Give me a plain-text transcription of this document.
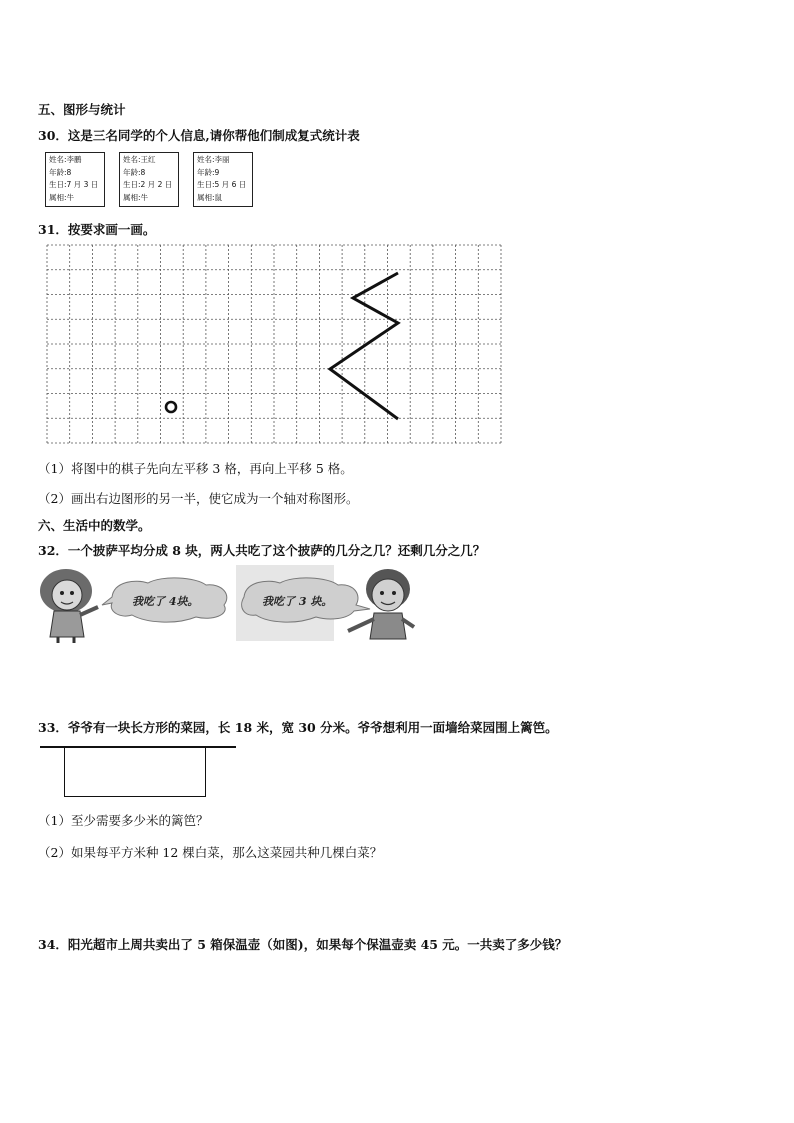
五、图形与统计
30．这是三名同学的个人信息,请你帮他们制成复式统计表
姓名:李鹏
年龄:8
生日:7 月 3 日
属相:牛
姓名:王红
年龄:8
生日:2 月 2 日
属相:牛
姓名:李丽
年龄:9
生日:5 月 6 日
属相:鼠
31．按要求画一画。
（1）将图中的棋子先向左平移 3 格，再向上平移 5 格。
（2）画出右边图形的另一半，使它成为一个轴对称图形。
六、生活中的数学。
32．一个披萨平均分成 8 块，两人共吃了这个披萨的几分之几？还剩几分之几？
我吃了 4块。	我吃了 3 块。
33．爷爷有一块长方形的菜园，长 18 米，宽 30 分米。爷爷想利用一面墙给菜园围上篱笆。
（1）至少需要多少米的篱笆？
（2）如果每平方米种 12 棵白菜，那么这菜园共种几棵白菜？
34．阳光超市上周共卖出了 5 箱保温壶（如图)，如果每个保温壶卖 45 元。一共卖了多少钱？
